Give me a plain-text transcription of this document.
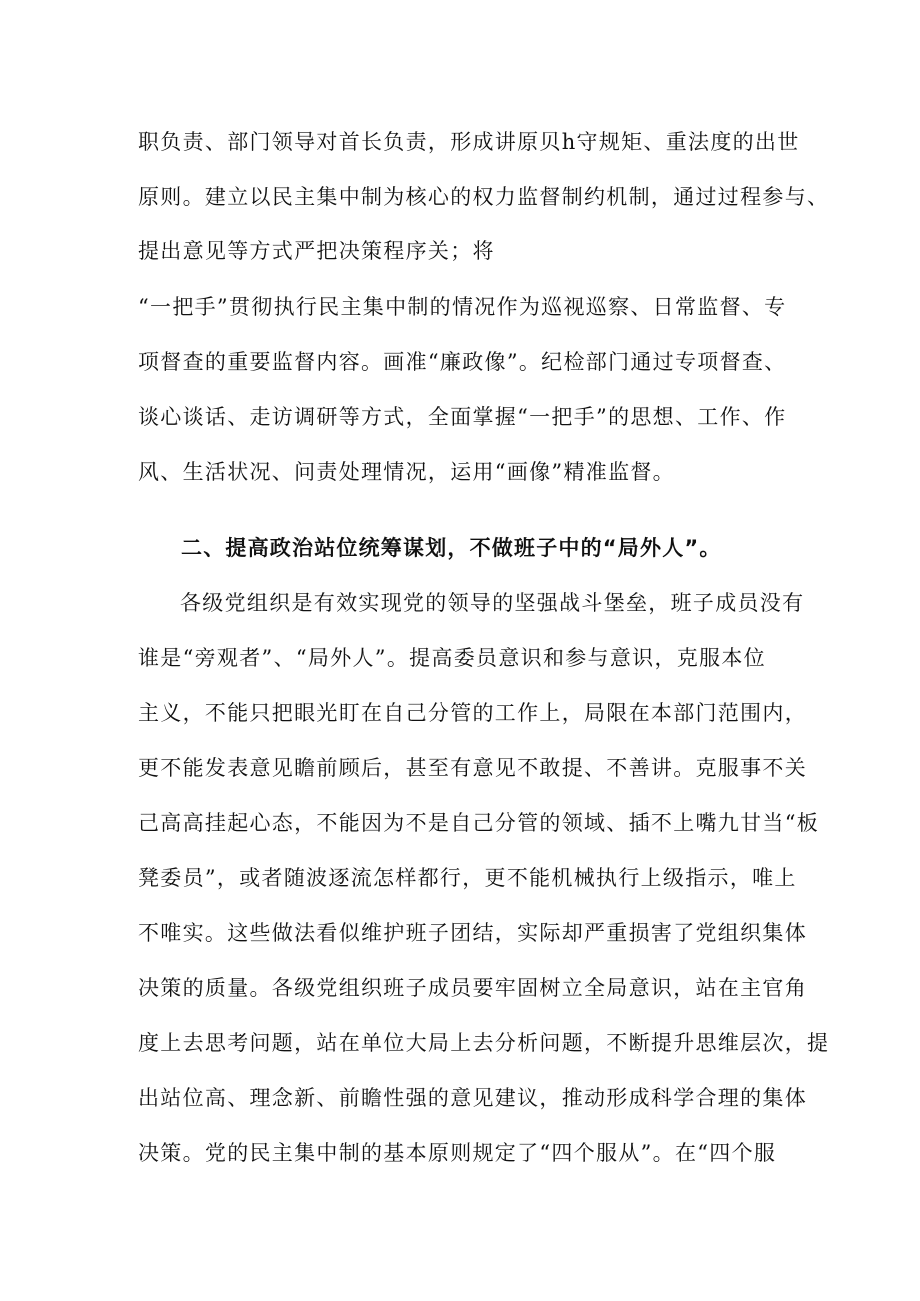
职负责、部门领导对首长负责，形成讲原贝h守规矩、重法度的出世
原则。建立以民主集中制为核心的权力监督制约机制，通过过程参与、
提出意见等方式严把决策程序关；将
“一把手”贯彻执行民主集中制的情况作为巡视巡察、日常监督、专
项督查的重要监督内容。画准“廉政像”。纪检部门通过专项督查、
谈心谈话、走访调研等方式，全面掌握“一把手”的思想、工作、作
风、生活状况、问责处理情况，运用“画像”精准监督。
二、提高政治站位统筹谋划，不做班子中的“局外人”。
各级党组织是有效实现党的领导的坚强战斗堡垒，班子成员没有
谁是“旁观者”、“局外人”。提高委员意识和参与意识，克服本位
主义，不能只把眼光盯在自己分管的工作上，局限在本部门范围内，
更不能发表意见瞻前顾后，甚至有意见不敢提、不善讲。克服事不关
己高高挂起心态，不能因为不是自己分管的领域、插不上嘴九甘当“板
凳委员”，或者随波逐流怎样都行，更不能机械执行上级指示，唯上
不唯实。这些做法看似维护班子团结，实际却严重损害了党组织集体
决策的质量。各级党组织班子成员要牢固树立全局意识，站在主官角
度上去思考问题，站在单位大局上去分析问题，不断提升思维层次，提
出站位高、理念新、前瞻性强的意见建议，推动形成科学合理的集体
决策。党的民主集中制的基本原则规定了“四个服从”。在“四个服
